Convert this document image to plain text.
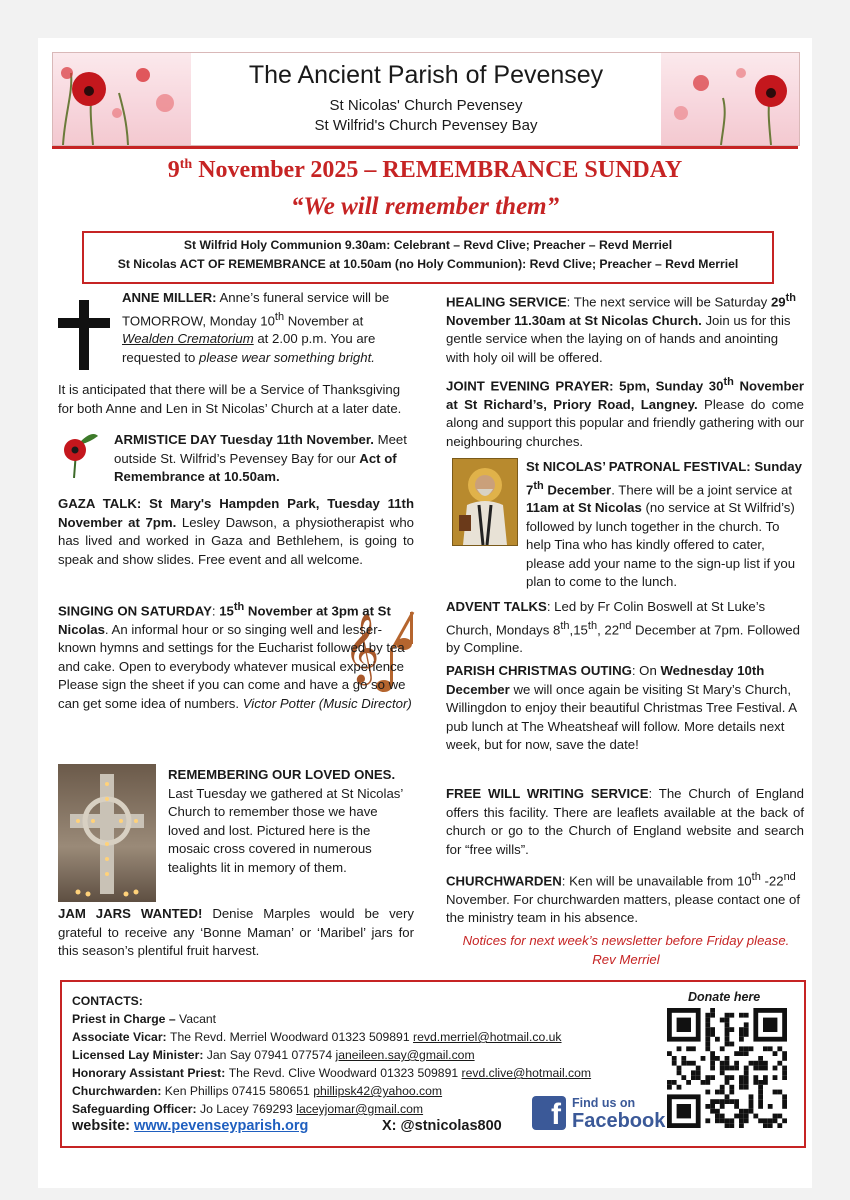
The Ancient Parish of Pevensey
St Nicolas' Church Pevensey
St Wilfrid's Church Pevensey Bay
9th November 2025 – REMEMBRANCE SUNDAY
“We will remember them”
St Wilfrid Holy Communion 9.30am: Celebrant – Revd Clive; Preacher – Revd Merriel
St Nicolas ACT OF REMEMBRANCE at 10.50am (no Holy Communion): Revd Clive; Preacher – Revd Merriel
ANNE MILLER: Anne’s funeral service will be TOMORROW, Monday 10th November at Wealden Crematorium at 2.00 p.m. You are requested to please wear something bright.
It is anticipated that there will be a Service of Thanksgiving for both Anne and Len in St Nicolas’ Church at a later date.
ARMISTICE DAY Tuesday 11th November. Meet outside St. Wilfrid’s Pevensey Bay for our Act of Remembrance at 10.50am.
GAZA TALK: St Mary's Hampden Park, Tuesday 11th November at 7pm. Lesley Dawson, a physiotherapist who has lived and worked in Gaza and Bethlehem, is going to speak and show slides. Free event and all welcome.
𝄞
SINGING ON SATURDAY: 15th November at 3pm at St Nicolas. An informal hour or so singing well and lesser-known hymns and settings for the Eucharist followed by tea and cake. Open to everybody whatever musical experience Please sign the sheet if you can come and have a go so we can get some idea of numbers. Victor Potter (Music Director)
REMEMBERING OUR LOVED ONES. Last Tuesday we gathered at St Nicolas’ Church to remember those we have loved and lost. Pictured here is the mosaic cross covered in numerous tealights lit in memory of them.
JAM JARS WANTED! Denise Marples would be very grateful to receive any ‘Bonne Maman’ or ‘Maribel’ jars for this season’s plentiful fruit harvest.
HEALING SERVICE: The next service will be Saturday 29th November 11.30am at St Nicolas Church. Join us for this gentle service when the laying on of hands and anointing with holy oil will be offered.
JOINT EVENING PRAYER: 5pm, Sunday 30th November at St Richard’s, Priory Road, Langney. Please do come along and support this popular and friendly gathering with our neighbouring churches.
St NICOLAS’ PATRONAL FESTIVAL: Sunday 7th December. There will be a joint service at 11am at St Nicolas (no service at St Wilfrid’s) followed by lunch together in the church. To help Tina who has kindly offered to cater, please add your name to the sign-up list if you plan to come to the lunch.
ADVENT TALKS: Led by Fr Colin Boswell at St Luke’s Church, Mondays 8th,15th, 22nd December at 7pm. Followed by Compline.
PARISH CHRISTMAS OUTING: On Wednesday 10th December we will once again be visiting St Mary’s Church, Willingdon to enjoy their beautiful Christmas Tree Festival. A pub lunch at The Wheatsheaf will follow. More details next week, but for now, save the date!
FREE WILL WRITING SERVICE: The Church of England offers this facility. There are leaflets available at the back of church or go to the Church of England website and search for “free wills”.
CHURCHWARDEN: Ken will be unavailable from 10th -22nd November. For churchwarden matters, please contact one of the ministry team in his absence.
Notices for next week’s newsletter before Friday please. Rev Merriel
CONTACTS:
Priest in Charge – Vacant
Associate Vicar: The Revd. Merriel Woodward 01323 509891 revd.merriel@hotmail.co.uk
Licensed Lay Minister: Jan Say 07941 077574 janeileen.say@gmail.com
Honorary Assistant Priest: The Revd. Clive Woodward 01323 509891 revd.clive@hotmail.com
Churchwarden: Ken Phillips 07415 580651 phillipsk42@yahoo.com
Safeguarding Officer: Jo Lacey 769293 laceyjomar@gmail.com
website: www.pevenseyparish.org	X: @stnicolas800
Donate here
f Find us on
Facebook
